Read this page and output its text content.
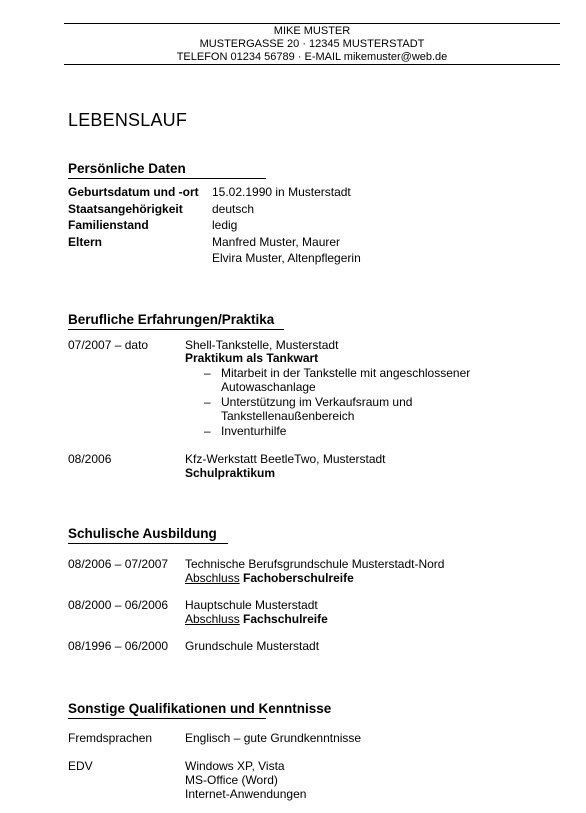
MIKE MUSTER
MUSTERGASSE 20 · 12345 MUSTERSTADT
TELEFON 01234 56789 · E-MAIL mikemuster@web.de
LEBENSLAUF
Persönliche Daten
Geburtsdatum und -ort 15.02.1990 in Musterstadt
Staatsangehörigkeit deutsch
Familienstand	ledig
Eltern	Manfred Muster, Maurer
Elvira Muster, Altenpflegerin
Berufliche Erfahrungen/Praktika
07/2007 – dato	Shell-Tankstelle, Musterstadt
Praktikum als Tankwart
– Mitarbeit in der Tankstelle mit angeschlossener
Autowaschanlage
– Unterstützung im Verkaufsraum und
Tankstellenaußenbereich
– Inventurhilfe
08/2006	Kfz-Werkstatt BeetleTwo, Musterstadt
Schulpraktikum
Schulische Ausbildung
08/2006 – 07/2007 Technische Berufsgrundschule Musterstadt-Nord
Abschluss Fachoberschulreife
08/2000 – 06/2006 Hauptschule Musterstadt
Abschluss Fachschulreife
08/1996 – 06/2000 Grundschule Musterstadt
Sonstige Qualifikationen und Kenntnisse
Fremdsprachen	Englisch – gute Grundkenntnisse
EDV	Windows XP, Vista
MS-Office (Word)
Internet-Anwendungen
